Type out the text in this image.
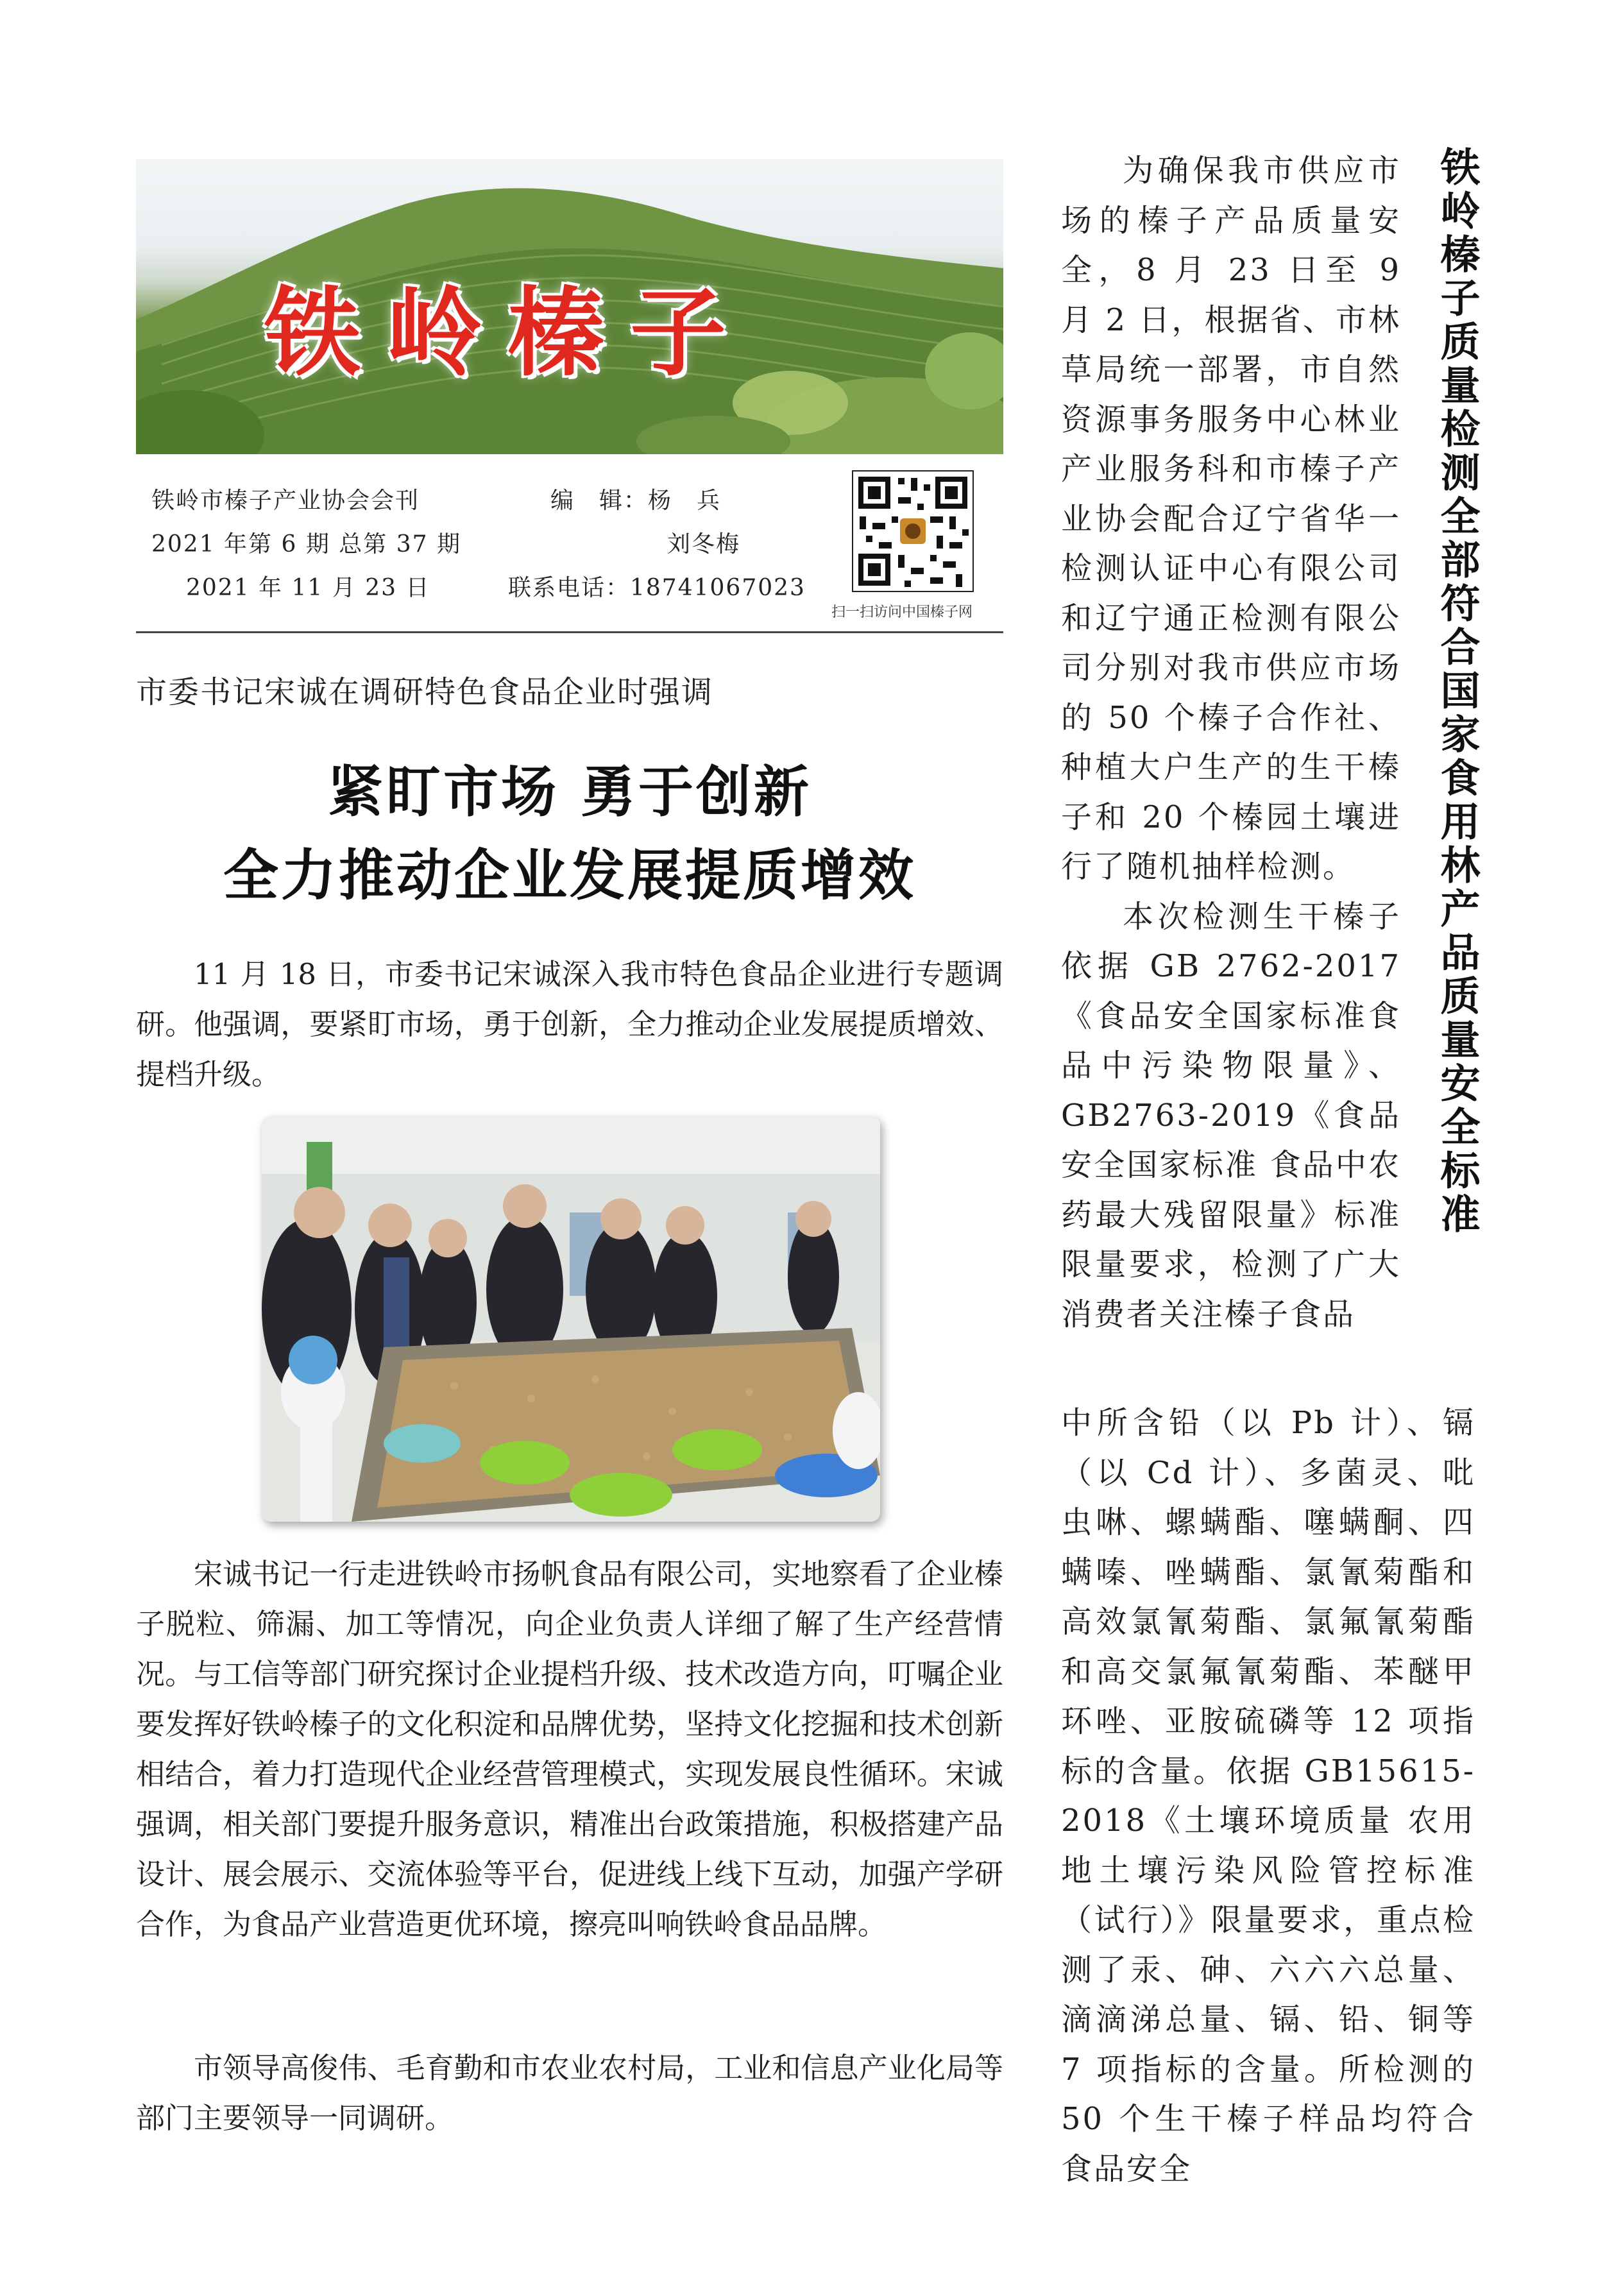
铁岭榛子
铁岭市榛子产业协会会刊
2021 年第 6 期 总第 37 期
2021 年 11 月 23 日
编　辑：杨　兵
刘冬梅
联系电话：18741067023
扫一扫访问中国榛子网
市委书记宋诚在调研特色食品企业时强调
紧盯市场 勇于创新
全力推动企业发展提质增效

11 月 18 日，市委书记宋诚深入我市特色食品企业进行专题调研。他强调，要紧盯市场，勇于创新，全力推动企业发展提质增效、提档升级。

宋诚书记一行走进铁岭市扬帆食品有限公司，实地察看了企业榛子脱粒、筛漏、加工等情况，向企业负责人详细了解了生产经营情况。与工信等部门研究探讨企业提档升级、技术改造方向，叮嘱企业要发挥好铁岭榛子的文化积淀和品牌优势，坚持文化挖掘和技术创新相结合，着力打造现代企业经营管理模式，实现发展良性循环。宋诚强调，相关部门要提升服务意识，精准出台政策措施，积极搭建产品设计、展会展示、交流体验等平台，促进线上线下互动，加强产学研合作，为食品产业营造更优环境，擦亮叫响铁岭食品品牌。

市领导高俊伟、毛育勤和市农业农村局，工业和信息产业化局等部门主要领导一同调研。

为确保我市供应市场的榛子产品质量安全，8 月 23 日至 9 月 2 日，根据省、市林草局统一部署，市自然资源事务服务中心林业产业服务科和市榛子产业协会配合辽宁省华一检测认证中心有限公司和辽宁通正检测有限公司分别对我市供应市场的 50 个榛子合作社、种植大户生产的生干榛子和 20 个榛园土壤进行了随机抽样检测。

本次检测生干榛子依据 GB 2762-2017《食品安全国家标准食品中污染物限量》、GB2763-2019《食品安全国家标准 食品中农药最大残留限量》标准限量要求，检测了广大消费者关注榛子食品

中所含铅（以 Pb 计）、镉（以 Cd 计）、多菌灵、吡虫啉、螺螨酯、噻螨酮、四螨嗪、唑螨酯、氯氰菊酯和高效氯氰菊酯、氯氟氰菊酯和高交氯氟氰菊酯、苯醚甲环唑、亚胺硫磷等 12 项指标的含量。依据 GB15615-2018《土壤环境质量 农用地土壤污染风险管控标准（试行）》限量要求，重点检测了汞、砷、六六六总量、滴滴涕总量、镉、铅、铜等 7 项指标的含量。所检测的 50 个生干榛子样品均符合食品安全

铁岭榛子质量检测全部符合国家食用林产品质量安全标准
